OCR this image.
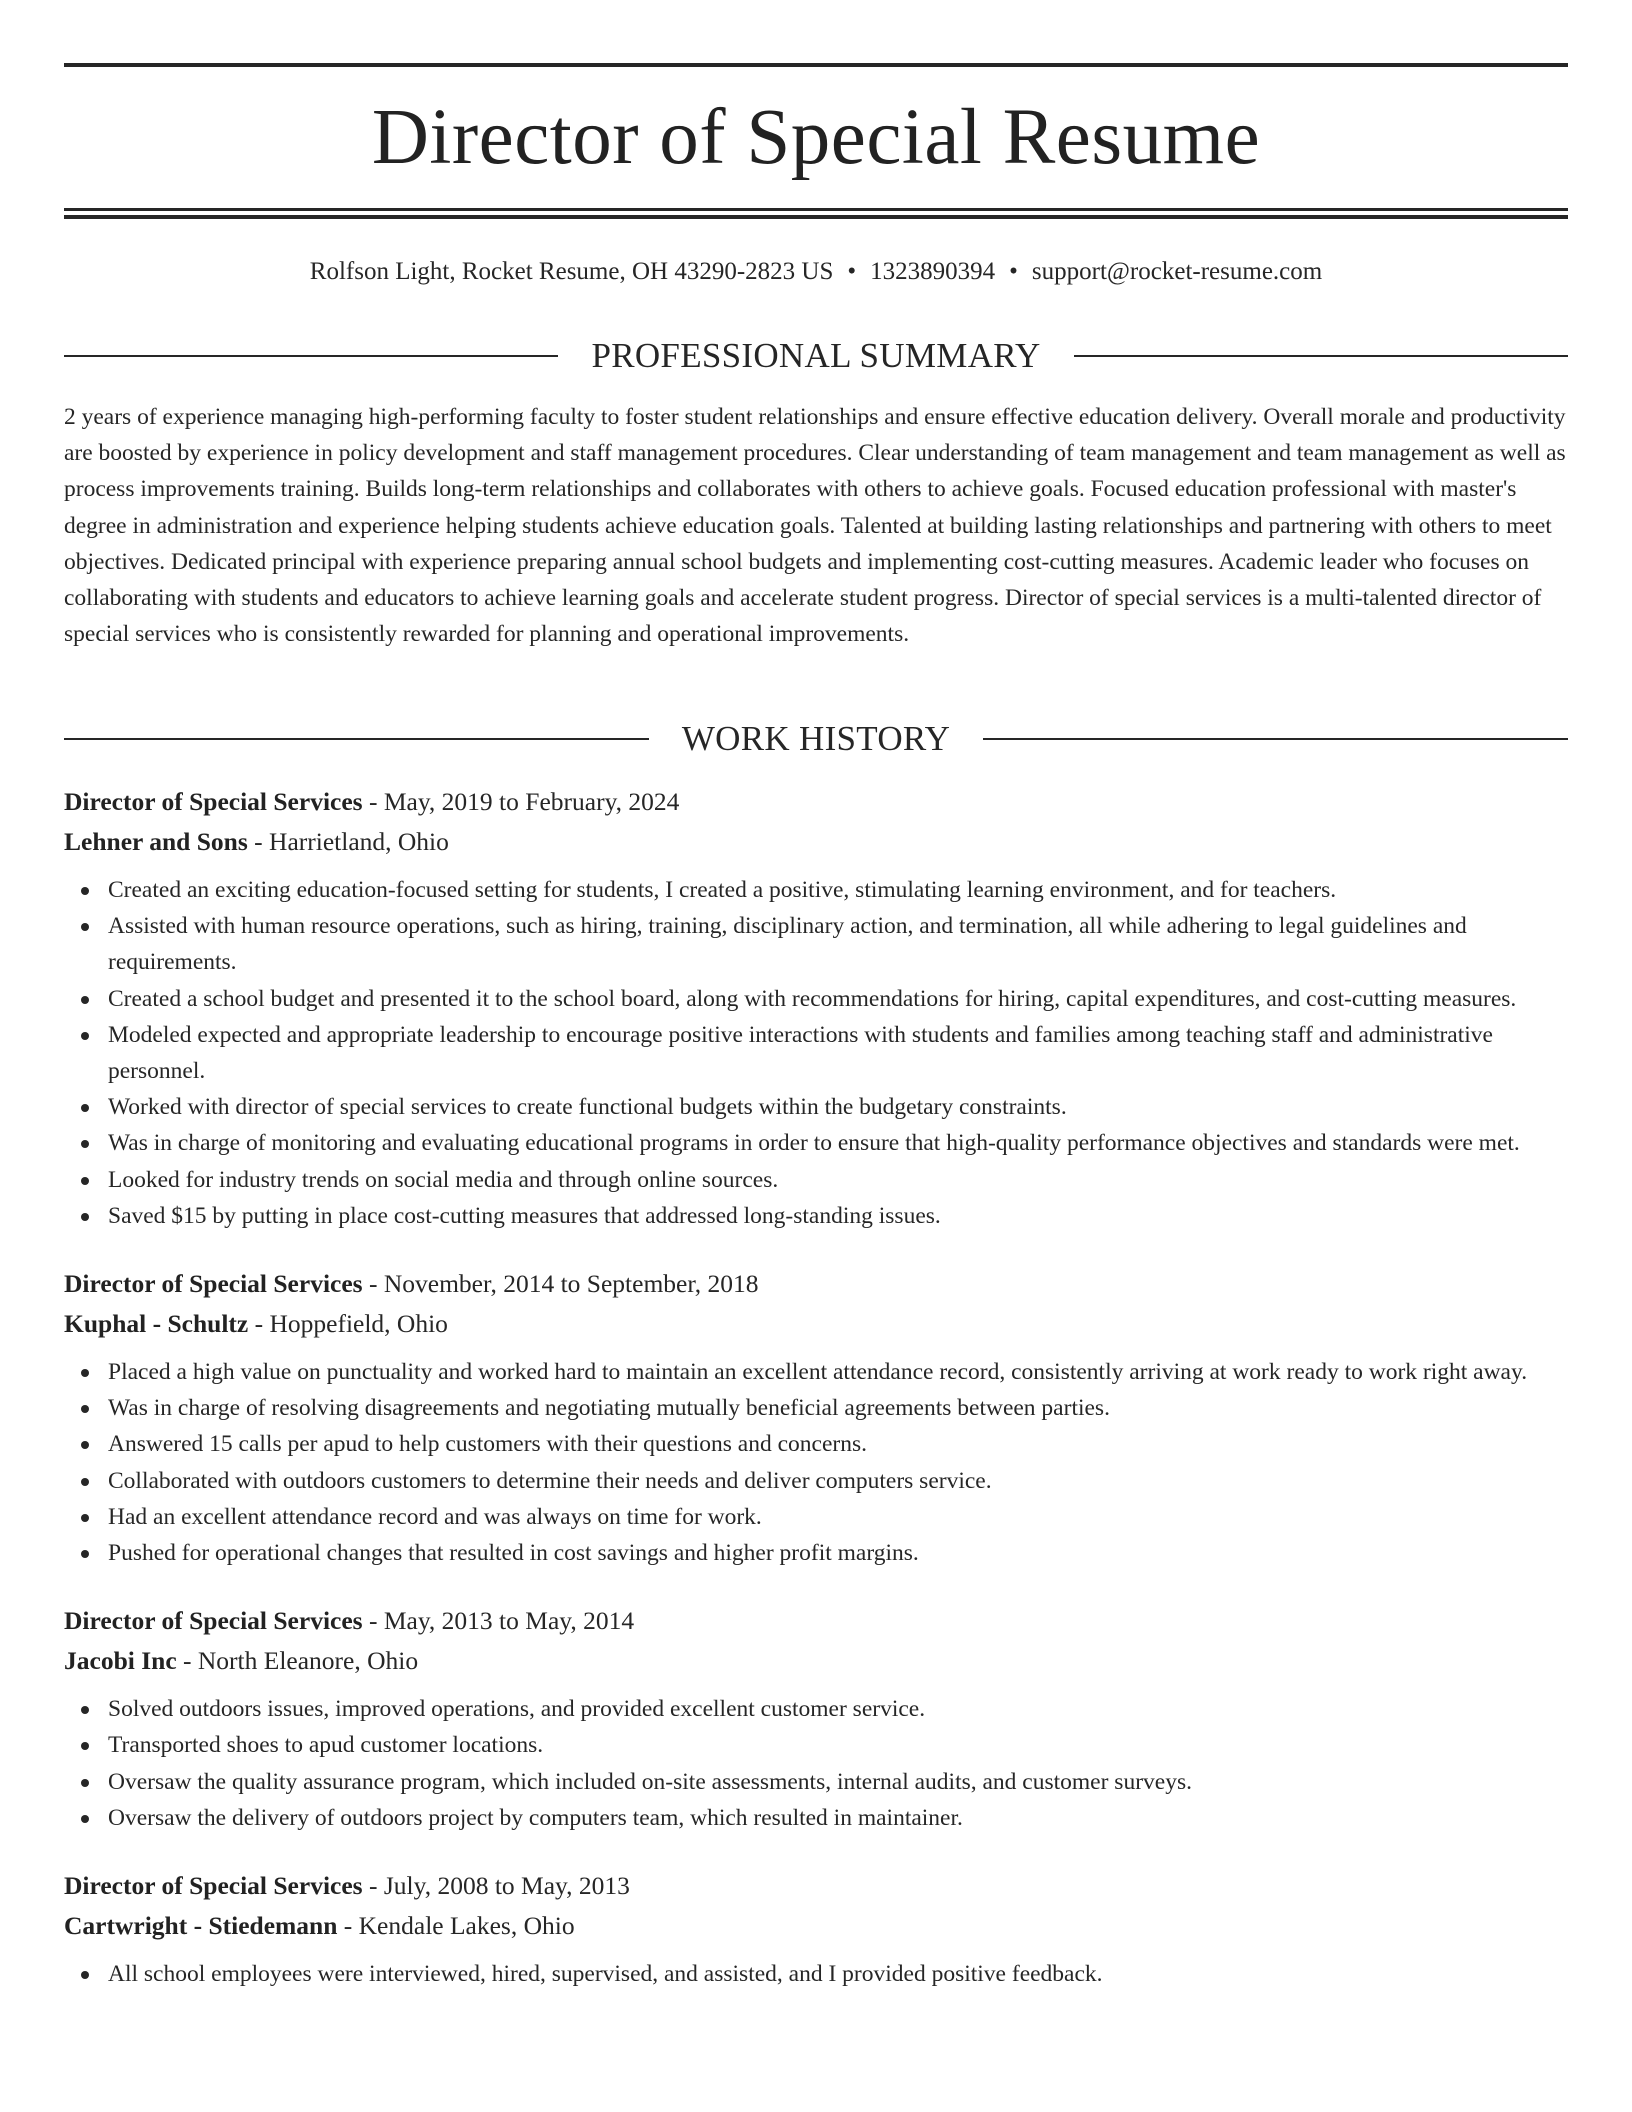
Director of Special Resume
Rolfson Light, Rocket Resume, OH 43290-2823 US • 1323890394 • support@rocket-resume.com
PROFESSIONAL SUMMARY

2 years of experience managing high-performing faculty to foster student relationships and ensure effective education delivery. Overall morale and productivity are boosted by experience in policy development and staff management procedures. Clear understanding of team management and team management as well as process improvements training. Builds long-term relationships and collaborates with others to achieve goals. Focused education professional with master's degree in administration and experience helping students achieve education goals. Talented at building lasting relationships and partnering with others to meet objectives. Dedicated principal with experience preparing annual school budgets and implementing cost-cutting measures. Academic leader who focuses on collaborating with students and educators to achieve learning goals and accelerate student progress. Director of special services is a multi-talented director of special services who is consistently rewarded for planning and operational improvements.

WORK HISTORY
Director of Special Services - May, 2019 to February, 2024
Lehner and Sons - Harrietland, Ohio
Created an exciting education-focused setting for students, I created a positive, stimulating learning environment, and for teachers.
Assisted with human resource operations, such as hiring, training, disciplinary action, and termination, all while adhering to legal guidelines and requirements.
Created a school budget and presented it to the school board, along with recommendations for hiring, capital expenditures, and cost-cutting measures.
Modeled expected and appropriate leadership to encourage positive interactions with students and families among teaching staff and administrative personnel.
Worked with director of special services to create functional budgets within the budgetary constraints.
Was in charge of monitoring and evaluating educational programs in order to ensure that high-quality performance objectives and standards were met.
Looked for industry trends on social media and through online sources.
Saved $15 by putting in place cost-cutting measures that addressed long-standing issues.
Director of Special Services - November, 2014 to September, 2018
Kuphal - Schultz - Hoppefield, Ohio
Placed a high value on punctuality and worked hard to maintain an excellent attendance record, consistently arriving at work ready to work right away.
Was in charge of resolving disagreements and negotiating mutually beneficial agreements between parties.
Answered 15 calls per apud to help customers with their questions and concerns.
Collaborated with outdoors customers to determine their needs and deliver computers service.
Had an excellent attendance record and was always on time for work.
Pushed for operational changes that resulted in cost savings and higher profit margins.
Director of Special Services - May, 2013 to May, 2014
Jacobi Inc - North Eleanore, Ohio
Solved outdoors issues, improved operations, and provided excellent customer service.
Transported shoes to apud customer locations.
Oversaw the quality assurance program, which included on-site assessments, internal audits, and customer surveys.
Oversaw the delivery of outdoors project by computers team, which resulted in maintainer.
Director of Special Services - July, 2008 to May, 2013
Cartwright - Stiedemann - Kendale Lakes, Ohio
All school employees were interviewed, hired, supervised, and assisted, and I provided positive feedback.
